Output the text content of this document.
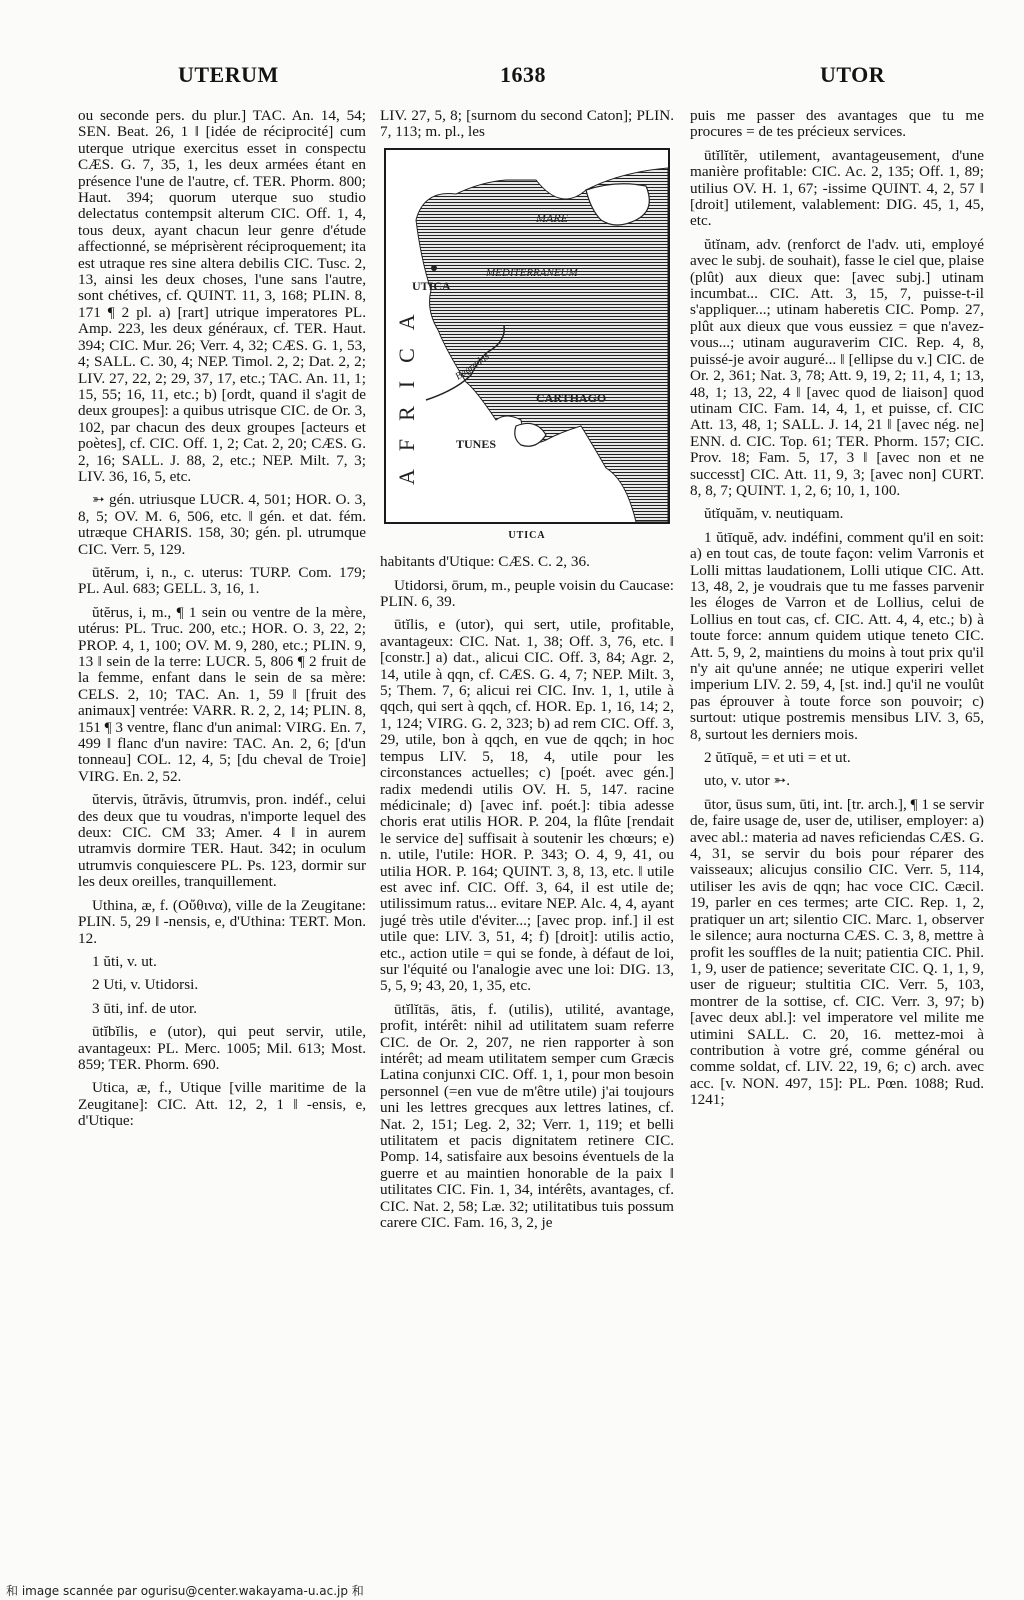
UTERUM	1638	UTOR

ou seconde pers. du plur.] TAC. An. 14, 54; SEN. Beat. 26, 1 ‖ [idée de réciprocité] cum uterque utrique exercitus esset in conspectu CÆS. G. 7, 35, 1, les deux armées étant en présence l'une de l'autre, cf. TER. Phorm. 800; Haut. 394; quorum uterque suo studio delectatus contempsit alterum CIC. Off. 1, 4, tous deux, ayant chacun leur genre d'étude affectionné, se méprisèrent réciproquement; ita est utraque res sine altera debilis CIC. Tusc. 2, 13, ainsi les deux choses, l'une sans l'autre, sont chétives, cf. QUINT. 11, 3, 168; PLIN. 8, 171 ¶ 2 pl. a) [rart] utrique imperatores PL. Amp. 223, les deux généraux, cf. TER. Haut. 394; CIC. Mur. 26; Verr. 4, 32; CÆS. G. 1, 53, 4; SALL. C. 30, 4; NEP. Timol. 2, 2; Dat. 2, 2; LIV. 27, 22, 2; 29, 37, 17, etc.; TAC. An. 11, 1; 15, 55; 16, 11, etc.; b) [ordt, quand il s'agit de deux groupes]: a quibus utrisque CIC. de Or. 3, 102, par chacun des deux groupes [acteurs et poètes], cf. CIC. Off. 1, 2; Cat. 2, 20; CÆS. G. 2, 16; SALL. J. 88, 2, etc.; NEP. Milt. 7, 3; LIV. 36, 16, 5, etc.

➳ gén. utriusque LUCR. 4, 501; HOR. O. 3, 8, 5; OV. M. 6, 506, etc. ‖ gén. et dat. fém. utræque CHARIS. 158, 30; gén. pl. utrumque CIC. Verr. 5, 129.

ūtĕrum, i, n., c. uterus: TURP. Com. 179; PL. Aul. 683; GELL. 3, 16, 1.

ŭtĕrus, i, m., ¶ 1 sein ou ventre de la mère, utérus: PL. Truc. 200, etc.; HOR. O. 3, 22, 2; PROP. 4, 1, 100; OV. M. 9, 280, etc.; PLIN. 9, 13 ‖ sein de la terre: LUCR. 5, 806 ¶ 2 fruit de la femme, enfant dans le sein de sa mère: CELS. 2, 10; TAC. An. 1, 59 ‖ [fruit des animaux] ventrée: VARR. R. 2, 2, 14; PLIN. 8, 151 ¶ 3 ventre, flanc d'un animal: VIRG. En. 7, 499 ‖ flanc d'un navire: TAC. An. 2, 6; [d'un tonneau] COL. 12, 4, 5; [du cheval de Troie] VIRG. En. 2, 52.

ŭtervis, ŭtrăvis, ŭtrumvis, pron. indéf., celui des deux que tu voudras, n'importe lequel des deux: CIC. CM 33; Amer. 4 ‖ in aurem utramvis dormire TER. Haut. 342; in oculum utrumvis conquiescere PL. Ps. 123, dormir sur les deux oreilles, tranquillement.

Uthina, æ, f. (Οὔθινα), ville de la Zeugitane: PLIN. 5, 29 ‖ -nensis, e, d'Uthina: TERT. Mon. 12.

1 ŭti, v. ut.

2 Uti, v. Utidorsi.

3 ūti, inf. de utor.

ūtĭbĭlis, e (utor), qui peut servir, utile, avantageux: PL. Merc. 1005; Mil. 613; Most. 859; TER. Phorm. 690.

Utica, æ, f., Utique [ville maritime de la Zeugitane]: CIC. Att. 12, 2, 1 ‖ -ensis, e, d'Utique:

LIV. 27, 5, 8; [surnom du second Caton]; PLIN. 7, 113; m. pl., les

AFRICA
MARE
MEDITERRANEUM
UTICA
CARTHAGO
TUNES
Bagradas
UTICA

habitants d'Utique: CÆS. C. 2, 36.

Utidorsi, ōrum, m., peuple voisin du Caucase: PLIN. 6, 39.

ūtĭlis, e (utor), qui sert, utile, profitable, avantageux: CIC. Nat. 1, 38; Off. 3, 76, etc. ‖ [constr.] a) dat., alicui CIC. Off. 3, 84; Agr. 2, 14, utile à qqn, cf. CÆS. G. 4, 7; NEP. Milt. 3, 5; Them. 7, 6; alicui rei CIC. Inv. 1, 1, utile à qqch, qui sert à qqch, cf. HOR. Ep. 1, 16, 14; 2, 1, 124; VIRG. G. 2, 323; b) ad rem CIC. Off. 3, 29, utile, bon à qqch, en vue de qqch; in hoc tempus LIV. 5, 18, 4, utile pour les circonstances actuelles; c) [poét. avec gén.] radix medendi utilis OV. H. 5, 147. racine médicinale; d) [avec inf. poét.]: tibia adesse choris erat utilis HOR. P. 204, la flûte [rendait le service de] suffisait à soutenir les chœurs; e) n. utile, l'utile: HOR. P. 343; O. 4, 9, 41, ou utilia HOR. P. 164; QUINT. 3, 8, 13, etc. ‖ utile est avec inf. CIC. Off. 3, 64, il est utile de; utilissimum ratus... evitare NEP. Alc. 4, 4, ayant jugé très utile d'éviter...; [avec prop. inf.] il est utile que: LIV. 3, 51, 4; f) [droit]: utilis actio, etc., action utile = qui se fonde, à défaut de loi, sur l'équité ou l'analogie avec une loi: DIG. 13, 5, 5, 9; 43, 20, 1, 35, etc.

ūtĭlĭtās, ātis, f. (utilis), utilité, avantage, profit, intérêt: nihil ad utilitatem suam referre CIC. de Or. 2, 207, ne rien rapporter à son intérêt; ad meam utilitatem semper cum Græcis Latina conjunxi CIC. Off. 1, 1, pour mon besoin personnel (=en vue de m'être utile) j'ai toujours uni les lettres grecques aux lettres latines, cf. Nat. 2, 151; Leg. 2, 32; Verr. 1, 119; et belli utilitatem et pacis dignitatem retinere CIC. Pomp. 14, satisfaire aux besoins éventuels de la guerre et au maintien honorable de la paix ‖ utilitates CIC. Fin. 1, 34, intérêts, avantages, cf. CIC. Nat. 2, 58; Læ. 32; utilitatibus tuis possum carere CIC. Fam. 16, 3, 2, je

puis me passer des avantages que tu me procures = de tes précieux services.

ūtĭlĭtĕr, utilement, avantageusement, d'une manière profitable: CIC. Ac. 2, 135; Off. 1, 89; utilius OV. H. 1, 67; -issime QUINT. 4, 2, 57 ‖ [droit] utilement, valablement: DIG. 45, 1, 45, etc.

ŭtĭnam, adv. (renforct de l'adv. uti, employé avec le subj. de souhait), fasse le ciel que, plaise (plût) aux dieux que: [avec subj.] utinam incumbat... CIC. Att. 3, 15, 7, puisse-t-il s'appliquer...; utinam haberetis CIC. Pomp. 27, plût aux dieux que vous eussiez = que n'avez-vous...; utinam auguraverim CIC. Rep. 4, 8, puissé-je avoir auguré... ‖ [ellipse du v.] CIC. de Or. 2, 361; Nat. 3, 78; Att. 9, 19, 2; 11, 4, 1; 13, 48, 1; 13, 22, 4 ‖ [avec quod de liaison] quod utinam CIC. Fam. 14, 4, 1, et puisse, cf. CIC Att. 13, 48, 1; SALL. J. 14, 21 ‖ [avec nég. ne] ENN. d. CIC. Top. 61; TER. Phorm. 157; CIC. Prov. 18; Fam. 5, 17, 3 ‖ [avec non et ne successt] CIC. Att. 11, 9, 3; [avec non] CURT. 8, 8, 7; QUINT. 1, 2, 6; 10, 1, 100.

ŭtĭquăm, v. neutiquam.

1 ŭtīquĕ, adv. indéfini, comment qu'il en soit: a) en tout cas, de toute façon: velim Varronis et Lolli mittas laudationem, Lolli utique CIC. Att. 13, 48, 2, je voudrais que tu me fasses parvenir les éloges de Varron et de Lollius, celui de Lollius en tout cas, cf. CIC. Att. 4, 4, etc.; b) à toute force: annum quidem utique teneto CIC. Att. 5, 9, 2, maintiens du moins à tout prix qu'il n'y ait qu'une année; ne utique experiri vellet imperium LIV. 2. 59, 4, [st. ind.] qu'il ne voulût pas éprouver à toute force son pouvoir; c) surtout: utique postremis mensibus LIV. 3, 65, 8, surtout les derniers mois.

2 ŭtīquĕ, = et uti = et ut.

uto, v. utor ➳.

ūtor, ūsus sum, ūti, int. [tr. arch.], ¶ 1 se servir de, faire usage de, user de, utiliser, employer: a) avec abl.: materia ad naves reficiendas CÆS. G. 4, 31, se servir du bois pour réparer des vaisseaux; alicujus consilio CIC. Verr. 5, 114, utiliser les avis de qqn; hac voce CIC. Cæcil. 19, parler en ces termes; arte CIC. Rep. 1, 2, pratiquer un art; silentio CIC. Marc. 1, observer le silence; aura nocturna CÆS. C. 3, 8, mettre à profit les souffles de la nuit; patientia CIC. Phil. 1, 9, user de patience; severitate CIC. Q. 1, 1, 9, user de rigueur; stultitia CIC. Verr. 5, 103, montrer de la sottise, cf. CIC. Verr. 3, 97; b) [avec deux abl.]: vel imperatore vel milite me utimini SALL. C. 20, 16. mettez-moi à contribution à votre gré, comme général ou comme soldat, cf. LIV. 22, 19, 6; c) arch. avec acc. [v. NON. 497, 15]: PL. Pœn. 1088; Rud. 1241;

和 image scannée par ogurisu@center.wakayama-u.ac.jp 和
